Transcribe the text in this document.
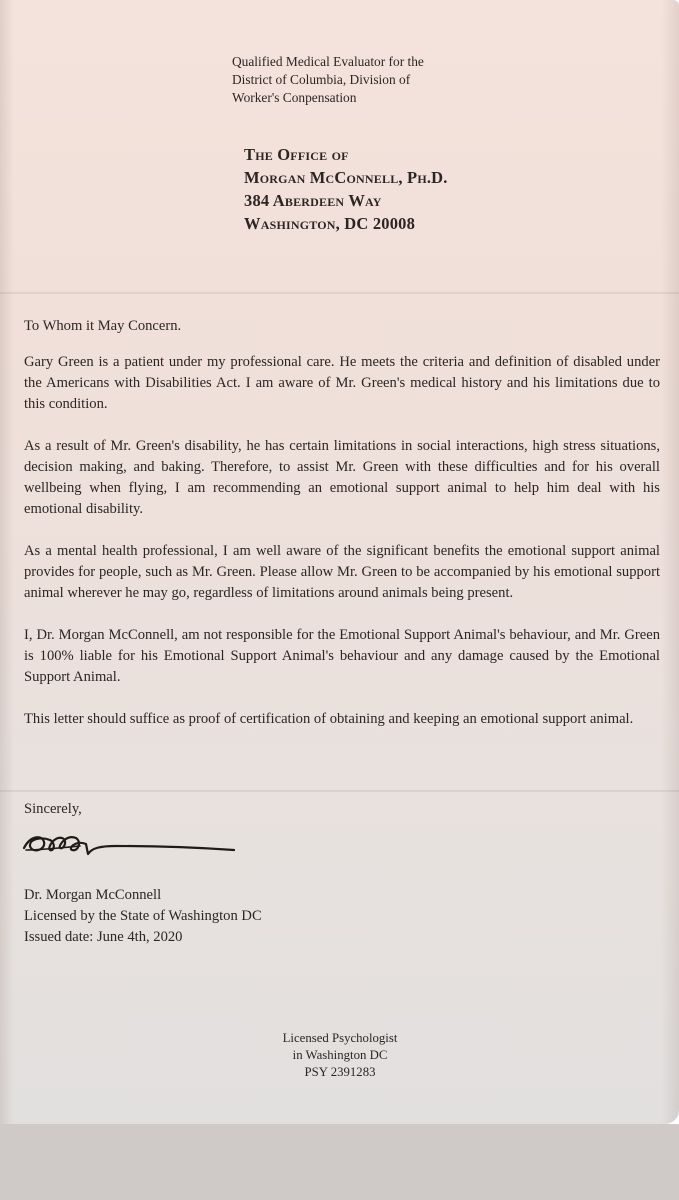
Qualified Medical Evaluator for the
District of Columbia, Division of
Worker's Conpensation
The Office of
Morgan McConnell, Ph.D.
384 Aberdeen Way
Washington, DC 20008

To Whom it May Concern.

Gary Green is a patient under my professional care. He meets the criteria and definition of disabled under the Americans with Disabilities Act. I am aware of Mr. Green's medical history and his limitations due to this condition.

As a result of Mr. Green's disability, he has certain limitations in social interactions, high stress situations, decision making, and baking. Therefore, to assist Mr. Green with these difficulties and for his overall wellbeing when flying, I am recommending an emotional support animal to help him deal with his emotional disability.

As a mental health professional, I am well aware of the significant benefits the emotional support animal provides for people, such as Mr. Green. Please allow Mr. Green to be accompanied by his emotional support animal wherever he may go, regardless of limitations around animals being present.

I, Dr. Morgan McConnell, am not responsible for the Emotional Support Animal's behaviour, and Mr. Green is 100% liable for his Emotional Support Animal's behaviour and any damage caused by the Emotional Support Animal.

This letter should suffice as proof of certification of obtaining and keeping an emotional support animal.

Sincerely,
Dr. Morgan McConnell
Licensed by the State of Washington DC
Issued date: June 4th, 2020
Licensed Psychologist
in Washington DC
PSY 2391283
